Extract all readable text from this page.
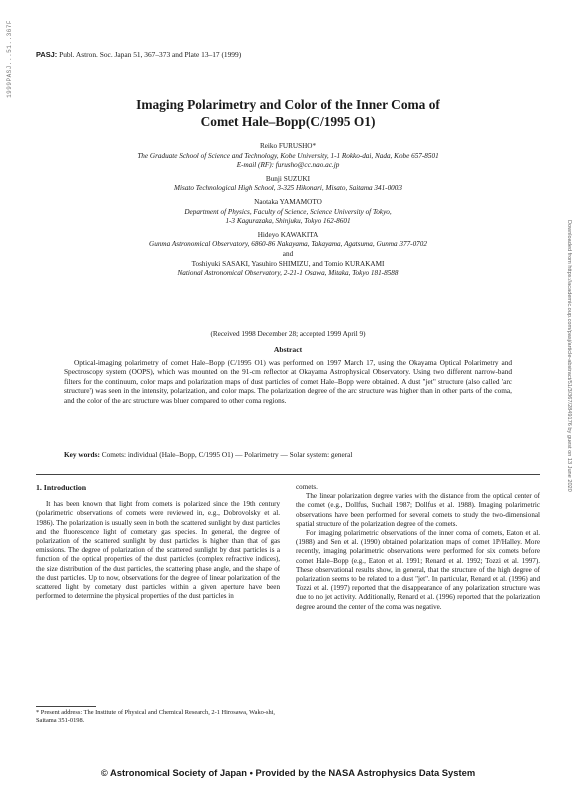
1999PASJ...51..367F
Downloaded from https://academic.oup.com/pasj/article-abstract/51/3/367/2849176 by guest on 13 June 2020
PASJ: Publ. Astron. Soc. Japan 51, 367–373 and Plate 13–17 (1999)
Imaging Polarimetry and Color of the Inner Coma of
Comet Hale–Bopp(C/1995 O1)
Reiko FURUSHO*
The Graduate School of Science and Technology, Kobe University, 1-1 Rokko-dai, Nada, Kobe 657-8501
E-mail (RF): furusho@cc.nao.ac.jp
Bunji SUZUKI
Misato Technological High School, 3-325 Hikonari, Misato, Saitama 341-0003
Naotaka YAMAMOTO
Department of Physics, Faculty of Science, Science University of Tokyo,
1-3 Kagurazaka, Shinjuku, Tokyo 162-8601
Hideyo KAWAKITA
Gunma Astronomical Observatory, 6860-86 Nakayama, Takayama, Agatsuma, Gunma 377-0702
and
Toshiyuki SASAKI, Yasuhiro SHIMIZU, and Tomio KURAKAMI
National Astronomical Observatory, 2-21-1 Osawa, Mitaka, Tokyo 181-8588
(Received 1998 December 28; accepted 1999 April 9)
Abstract
Optical-imaging polarimetry of comet Hale–Bopp (C/1995 O1) was performed on 1997 March 17, using the Okayama Optical Polarimetry and Spectroscopy system (OOPS), which was mounted on the 91-cm reflector at Okayama Astrophysical Observatory. Using two different narrow-band filters for the continuum, color maps and polarization maps of dust particles of comet Hale–Bopp were obtained. A dust "jet" structure (also called 'arc structure') was seen in the intensity, polarization, and color maps. The polarization degree of the arc structure was higher than in other parts of the coma, and the color of the arc structure was bluer compared to other coma regions.
Key words: Comets: individual (Hale–Bopp, C/1995 O1) — Polarimetry — Solar system: general
1. Introduction

It has been known that light from comets is polarized since the 19th century (polarimetric observations of comets were reviewed in, e.g., Dobrovolsky et al. 1986). The polarization is usually seen in both the scattered sunlight by dust particles and the fluorescence light of cometary gas species. In general, the degree of polarization of the scattered sunlight by dust particles is higher than that of gas emissions. The degree of polarization of the scattered sunlight by dust particles is a function of the optical properties of the dust particles (complex refractive indices), the size distribution of the dust particles, the scattering phase angle, and the shape of the dust particles. Up to now, observations for the degree of linear polarization of the scattered light by cometary dust particles within a given aperture have been performed to determine the physical properties of the dust particles in

comets.

The linear polarization degree varies with the distance from the optical center of the comet (e.g., Dollfus, Suchail 1987; Dollfus et al. 1988). Imaging polarimetric observations have been performed for several comets to study the two-dimensional spatial structure of the polarization degree of the comets.

For imaging polarimetric observations of the inner coma of comets, Eaton et al. (1988) and Sen et al. (1990) obtained polarization maps of comet 1P/Halley. More recently, imaging polarimetric observations were performed for six comets before comet Hale–Bopp (e.g., Eaton et al. 1991; Renard et al. 1992; Tozzi et al. 1997). These observational results show, in general, that the structure of the high degree of polarization seems to be related to a dust "jet". In particular, Renard et al. (1996) and Tozzi et al. (1997) reported that the disappearance of any polarization structure was due to no jet activity. Additionally, Renard et al. (1996) reported that the polarization degree around the center of the coma was negative.

* Present address: The Institute of Physical and Chemical Research, 2-1 Hirosawa, Wako-shi, Saitama 351-0198.
© Astronomical Society of Japan • Provided by the NASA Astrophysics Data System
